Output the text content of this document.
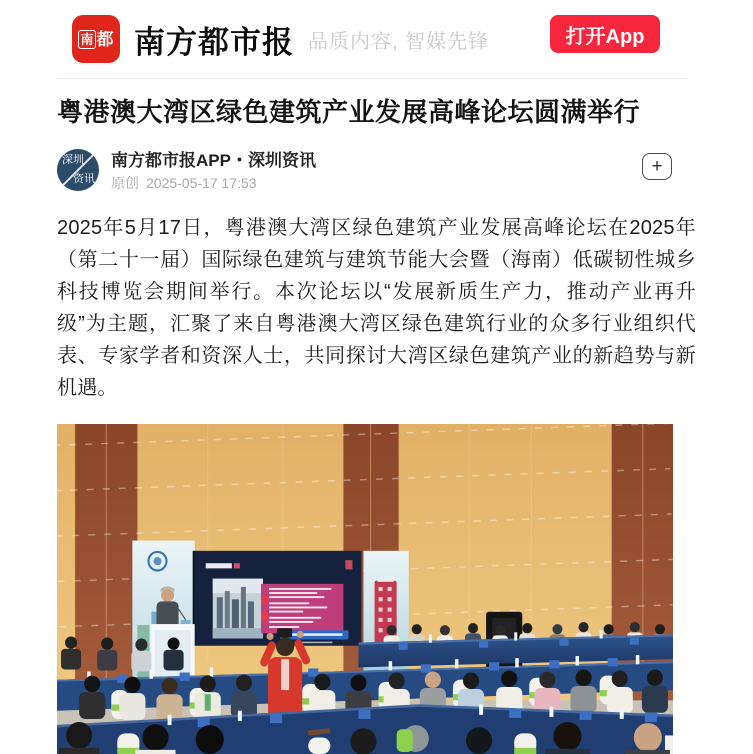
南 都 南方都市报 品质内容, 智媒先锋	打开App
粤港澳大湾区绿色建筑产业发展高峰论坛圆满举行
深圳
资讯
南方都市报APP・深圳资讯
原创 2025-05-17 17:53
+

2025年5月17日，粤港澳大湾区绿色建筑产业发展高峰论坛在2025年（第二十一届）国际绿色建筑与建筑节能大会暨（海南）低碳韧性城乡科技博览会期间举行。本次论坛以“发展新质生产力，推动产业再升级”为主题，汇聚了来自粤港澳大湾区绿色建筑行业的众多行业组织代表、专家学者和资深人士，共同探讨大湾区绿色建筑产业的新趋势与新机遇。
